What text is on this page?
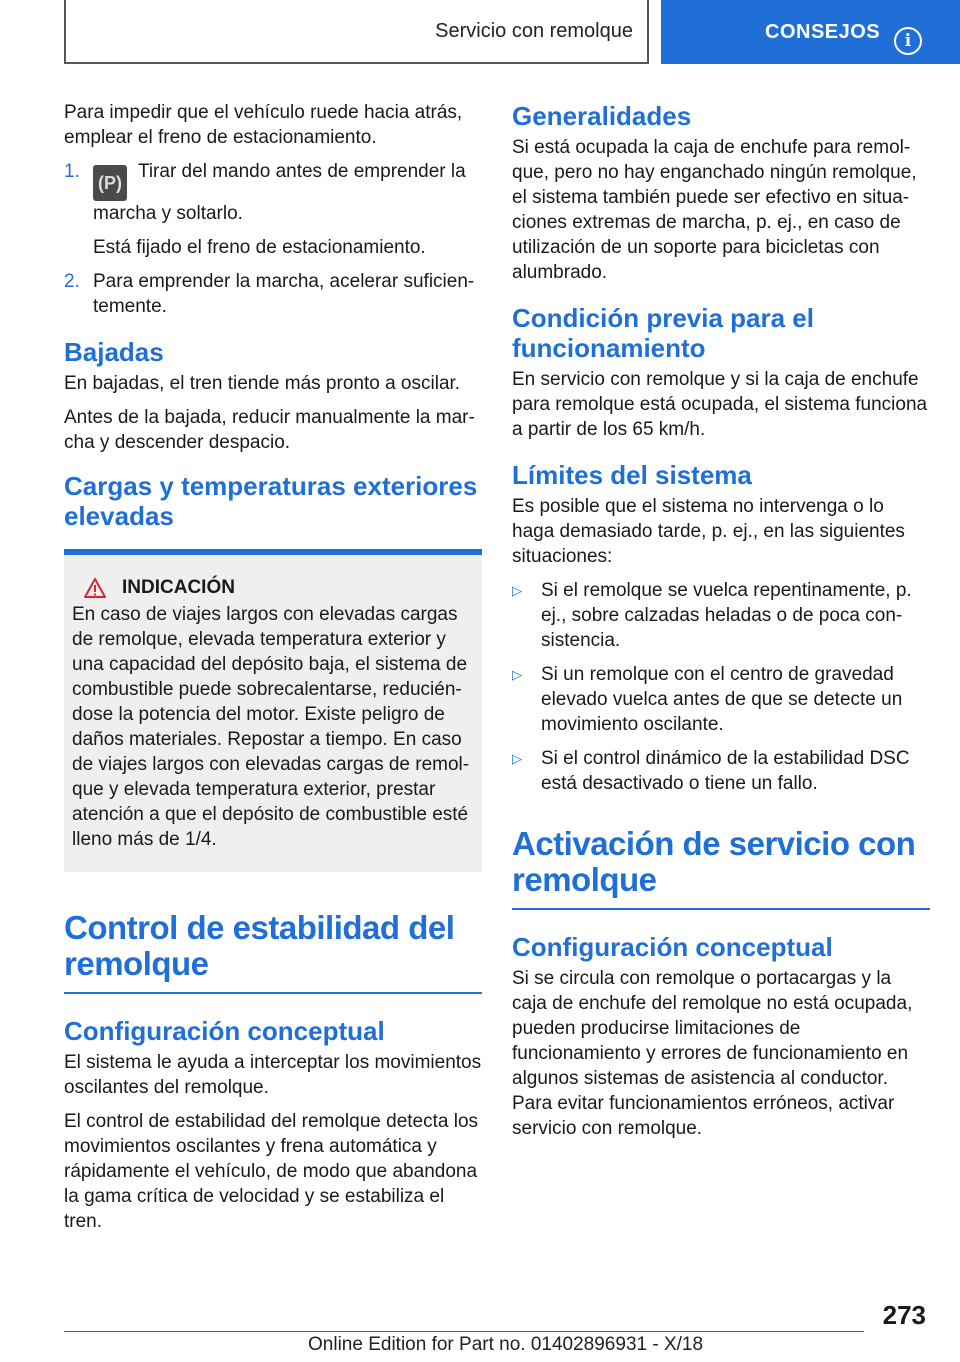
Servicio con remolque	CONSEJOS i

Para impedir que el vehículo ruede hacia atrás, emplear el freno de estacionamiento.

1.
(P) Tirar del mando antes de emprender la marcha y soltarlo.

Está fijado el freno de estacionamiento.

2. Para emprender la marcha, acelerar suficientemente.
Bajadas

En bajadas, el tren tiende más pronto a oscilar.

Antes de la bajada, reducir manualmente la marcha y descender despacio.

Cargas y temperaturas exteriores elevadas
INDICACIÓN

En caso de viajes largos con elevadas cargas de remolque, elevada temperatura exterior y una capacidad del depósito baja, el sistema de combustible puede sobrecalentarse, reduciéndose la potencia del motor. Existe peligro de daños materiales. Repostar a tiempo. En caso de viajes largos con elevadas cargas de remolque y elevada temperatura exterior, prestar atención a que el depósito de combustible esté lleno más de 1/4.

Control de estabilidad del remolque
Configuración conceptual

El sistema le ayuda a interceptar los movimientos oscilantes del remolque.

El control de estabilidad del remolque detecta los movimientos oscilantes y frena automática y rápidamente el vehículo, de modo que abandona la gama crítica de velocidad y se estabiliza el tren.

Generalidades

Si está ocupada la caja de enchufe para remolque, pero no hay enganchado ningún remolque, el sistema también puede ser efectivo en situaciones extremas de marcha, p. ej., en caso de utilización de un soporte para bicicletas con alumbrado.

Condición previa para el funcionamiento

En servicio con remolque y si la caja de enchufe para remolque está ocupada, el sistema funciona a partir de los 65 km/h.

Límites del sistema

Es posible que el sistema no intervenga o lo haga demasiado tarde, p. ej., en las siguientes situaciones:

▷	Si el remolque se vuelca repentinamente, p. ej., sobre calzadas heladas o de poca consistencia.
▷	Si un remolque con el centro de gravedad elevado vuelca antes de que se detecte un movimiento oscilante.
▷	Si el control dinámico de la estabilidad DSC está desactivado o tiene un fallo.
Activación de servicio con remolque
Configuración conceptual

Si se circula con remolque o portacargas y la caja de enchufe del remolque no está ocupada, pueden producirse limitaciones de funcionamiento y errores de funcionamiento en algunos sistemas de asistencia al conductor. Para evitar funcionamientos erróneos, activar servicio con remolque.

273
Online Edition for Part no. 01402896931 - X/18
